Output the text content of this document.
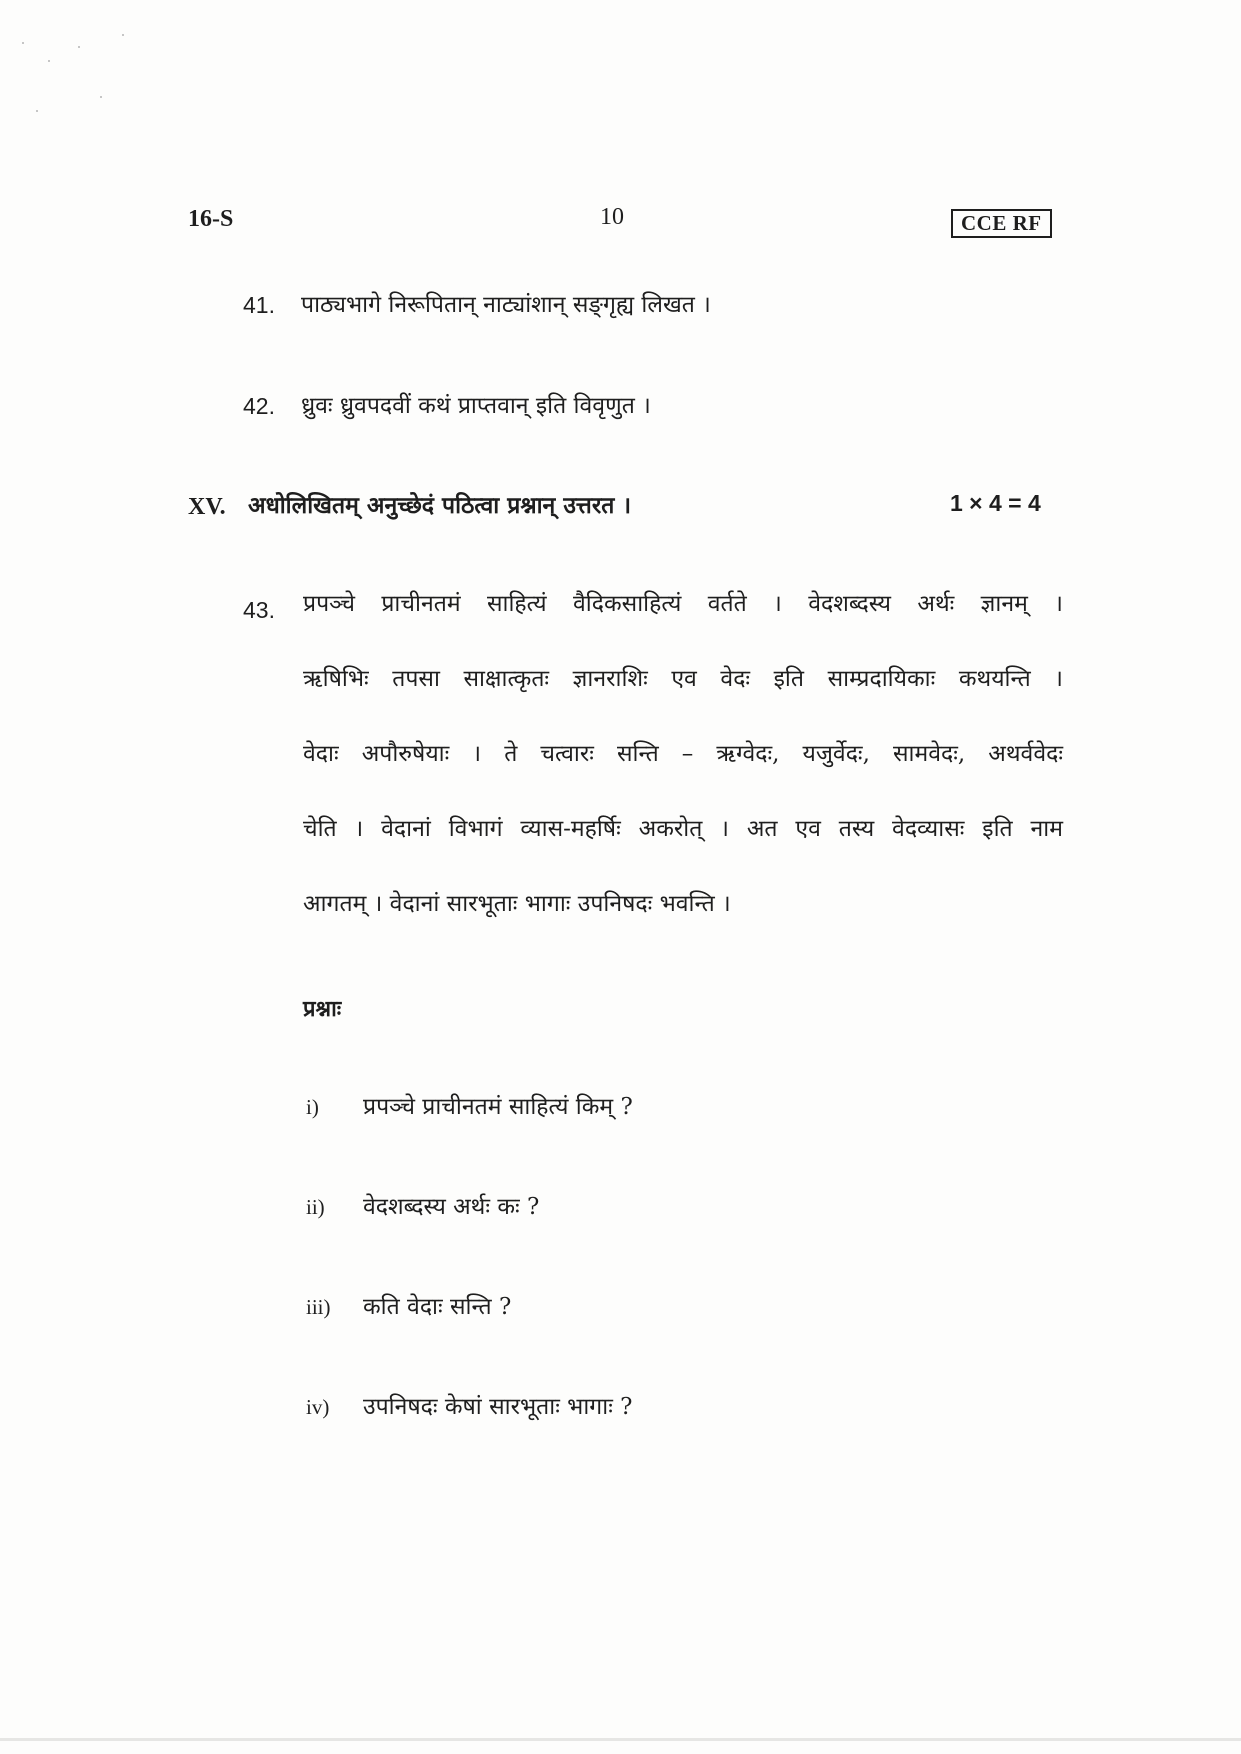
16-S	10	CCE RF
41. पाठ्यभागे निरूपितान् नाट्यांशान् सङ्गृह्य लिखत ।
42. ध्रुवः ध्रुवपदवीं कथं प्राप्तवान् इति विवृणुत ।
XV. अधोलिखितम् अनुच्छेदं पठित्वा प्रश्नान् उत्तरत ।	1 × 4 = 4
43. प्रपञ्चे प्राचीनतमं साहित्यं वैदिकसाहित्यं वर्तते । वेदशब्दस्य अर्थः ज्ञानम् ।
ऋषिभिः तपसा साक्षात्कृतः ज्ञानराशिः एव वेदः इति साम्प्रदायिकाः कथयन्ति ।
वेदाः अपौरुषेयाः । ते चत्वारः सन्ति – ऋग्वेदः, यजुर्वेदः, सामवेदः, अथर्ववेदः
चेति । वेदानां विभागं व्यास-महर्षिः अकरोत् । अत एव तस्य वेदव्यासः इति नाम
आगतम् । वेदानां सारभूताः भागाः उपनिषदः भवन्ति ।
प्रश्नाः
i) प्रपञ्चे प्राचीनतमं साहित्यं किम् ?
ii) वेदशब्दस्य अर्थः कः ?
iii) कति वेदाः सन्ति ?
iv) उपनिषदः केषां सारभूताः भागाः ?
